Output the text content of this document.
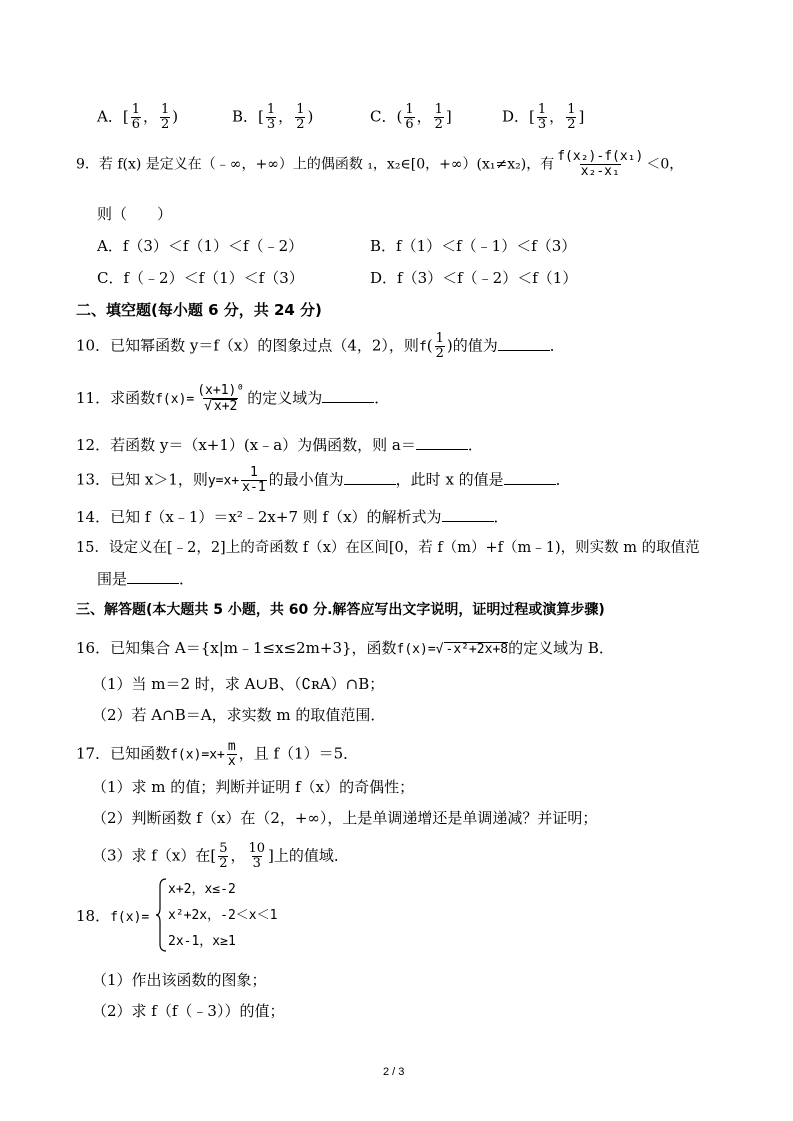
A．[ $\frac{1}{6}$ ， $\frac{1}{2}$ )	B．[ $\frac{1}{3}$ ， $\frac{1}{2}$ )	C．( $\frac{1}{6}$ ， $\frac{1}{2}$ ]	D．[ $\frac{1}{3}$ ， $\frac{1}{2}$ ]
9．若 f(x) 是定义在（﹣∞，+∞）上的偶函数 ₁，x₂∈[0，+∞）(x₁≠x₂)，有 $\frac{\text{f(x₂)-f(x₁)}}{\text{x₂-x₁}} <0$，
则（　　）
A．f（3）＜f（1）＜f（﹣2）	B．f（1）＜f（﹣1）＜f（3）
C．f（﹣2）＜f（1）＜f（3）	D．f（3）＜f（﹣2）＜f（1）
二、填空题(每小题 6 分，共 24 分)
10．已知幂函数 y＝f（x）的图象过点（4，2），则$f( \frac{1}{2}$ )的值为	．
11．求函数$f(x)= \frac{\text{(x+1)⁰}}{√ x+2}$ 的定义域为	．
12．若函数 y＝（x+1）(x﹣a）为偶函数，则 a＝	．
13．已知 x＞1，则$y=x+ \frac{1}{x-1}$ 的最小值为	，此时 x 的值是	．
14．已知 f（x﹣1）＝x²﹣2x+7 则 f（x）的解析式为	．
15．设定义在[﹣2，2]上的奇函数 f（x）在区间[0，若 f（m）+f（m﹣1)，则实数 m 的取值范
围是	．
三、解答题(本大题共 5 小题，共 60 分.解答应写出文字说明，证明过程或演算步骤)
16．已知集合 A＝{x|m﹣1≤x≤2m+3}，函数f(x)=√ -x²+2x+8的定义域为 B．
（1）当 m＝2 时，求 A∪B、（∁ʀA）∩B；
（2）若 A∩B＝A，求实数 m 的取值范围．
17．已知函数$f(x)=x+ \frac{m}{x}$ ，且 f（1）＝5．
（1）求 m 的值；判断并证明 f（x）的奇偶性；
（2）判断函数 f（x）在（2，+∞），上是单调递增还是单调递减？并证明；
（3）求 f（x）在[ $\frac{5}{2}$ ， $\frac{10}{3}$ ]上的值域．
18．f(x)=
x+2，x≤-2
x²+2x，-2＜x＜1
2x-1，x≥1
（1）作出该函数的图象；
（2）求 f（f（﹣3））的值；
2 / 3
